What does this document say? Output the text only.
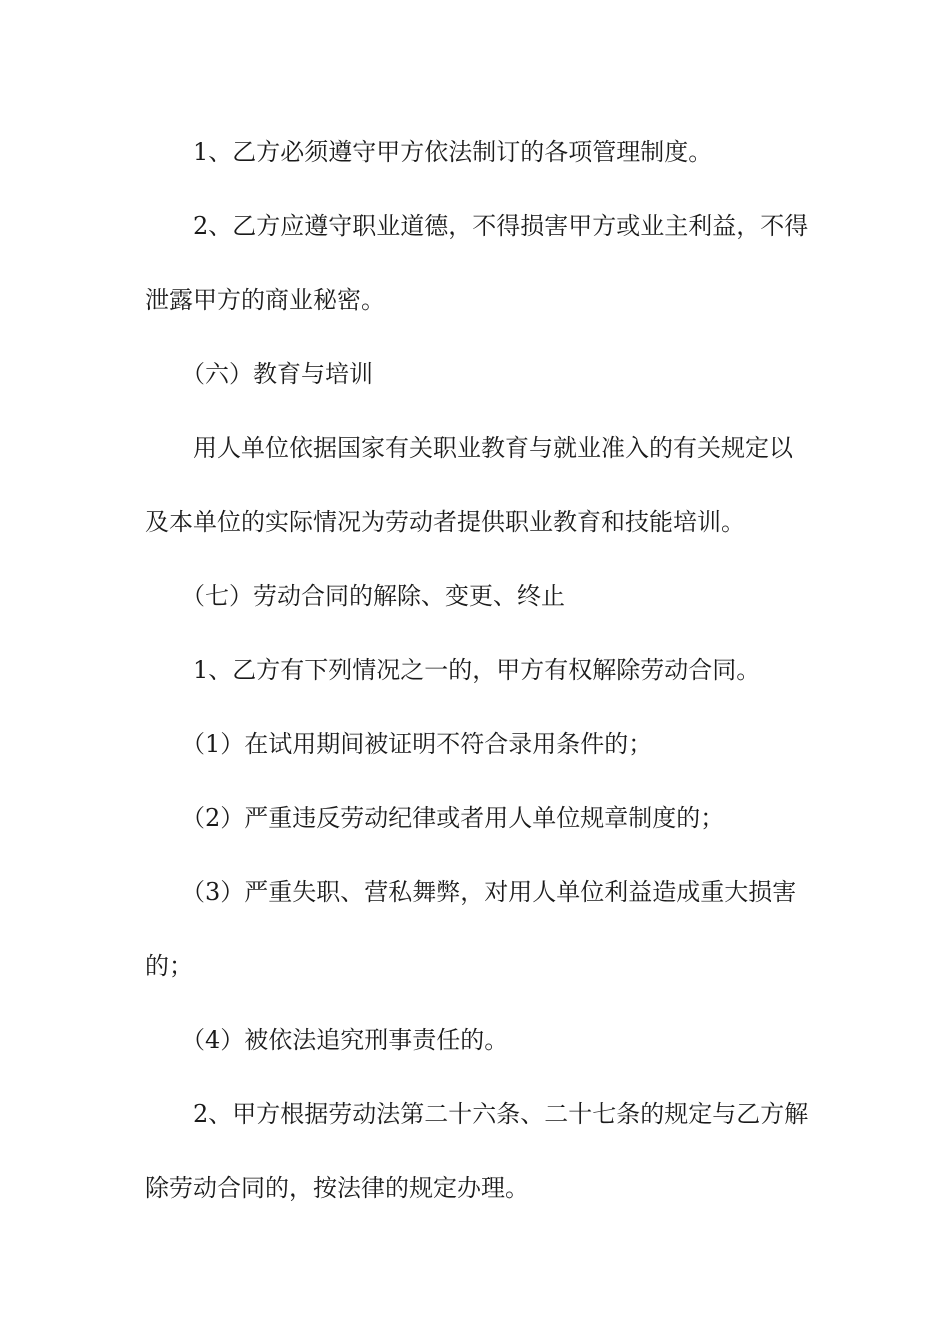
1、乙方必须遵守甲方依法制订的各项管理制度。
2、乙方应遵守职业道德，不得损害甲方或业主利益，不得
泄露甲方的商业秘密。
（六）教育与培训
用人单位依据国家有关职业教育与就业准入的有关规定以
及本单位的实际情况为劳动者提供职业教育和技能培训。
（七）劳动合同的解除、变更、终止
1、乙方有下列情况之一的，甲方有权解除劳动合同。
（1）在试用期间被证明不符合录用条件的；
（2）严重违反劳动纪律或者用人单位规章制度的；
（3）严重失职、营私舞弊，对用人单位利益造成重大损害
的；
（4）被依法追究刑事责任的。
2、甲方根据劳动法第二十六条、二十七条的规定与乙方解
除劳动合同的，按法律的规定办理。
